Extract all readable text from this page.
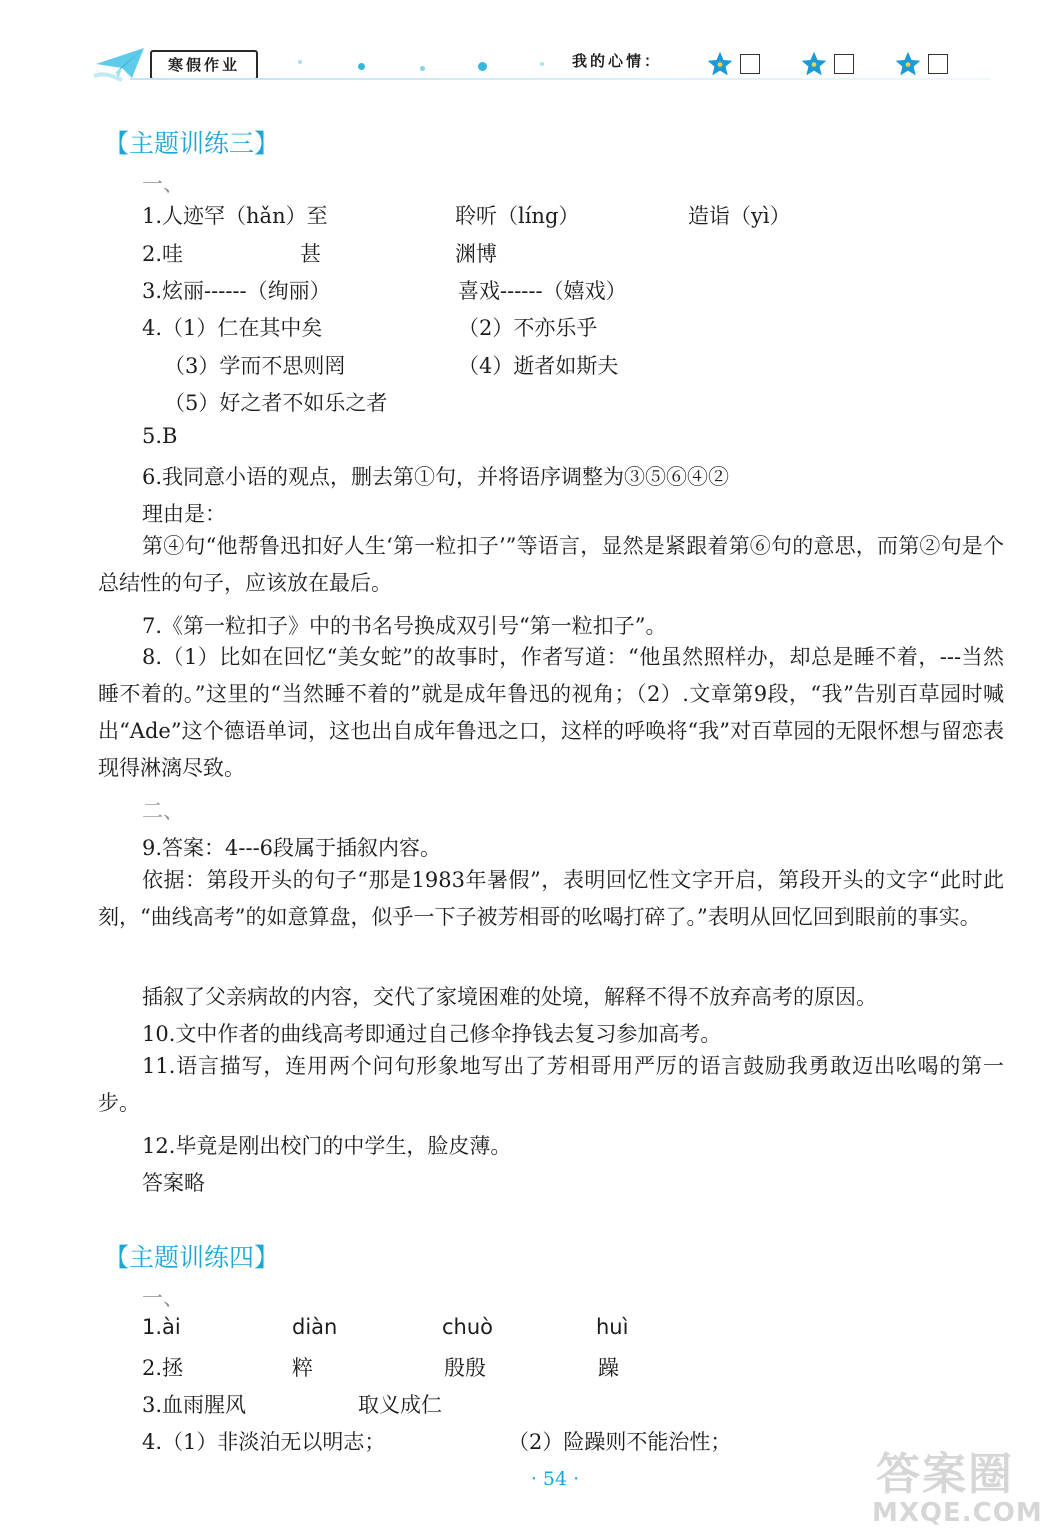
寒假作业	我的心情：
【主题训练三】
一、
1.人迹罕（hǎn）至	聆听（líng）	造诣（yì）
2.哇	甚	渊博
3.炫丽------（绚丽）	喜戏------（嬉戏）
4.（1）仁在其中矣	（2）不亦乐乎
（3）学而不思则罔	（4）逝者如斯夫
（5）好之者不如乐之者
5.B
6.我同意小语的观点，删去第①句，并将语序调整为③⑤⑥④②
理由是：
第④句“他帮鲁迅扣好人生‘第一粒扣子’”等语言，显然是紧跟着第⑥句的意思，而第②句是个总结性的句子，应该放在最后。
7.《第一粒扣子》中的书名号换成双引号“第一粒扣子”。
8.（1）比如在回忆“美女蛇”的故事时，作者写道：“他虽然照样办，却总是睡不着，---当然睡不着的。”这里的“当然睡不着的”就是成年鲁迅的视角；（2）.文章第9段，“我”告别百草园时喊出“Ade”这个德语单词，这也出自成年鲁迅之口，这样的呼唤将“我”对百草园的无限怀想与留恋表现得淋漓尽致。
二、
9.答案：4---6段属于插叙内容。
依据：第段开头的句子“那是1983年暑假”，表明回忆性文字开启，第段开头的文字“此时此刻，“曲线高考”的如意算盘，似乎一下子被芳相哥的吆喝打碎了。”表明从回忆回到眼前的事实。
插叙了父亲病故的内容，交代了家境困难的处境，解释不得不放弃高考的原因。
10.文中作者的曲线高考即通过自己修伞挣钱去复习参加高考。
11.语言描写，连用两个问句形象地写出了芳相哥用严厉的语言鼓励我勇敢迈出吆喝的第一步。
12.毕竟是刚出校门的中学生，脸皮薄。
答案略
【主题训练四】
一、
1.ài	diàn	chuò	huì
2.拯	粹	殷殷	躁
3.血雨腥风	取义成仁
4.（1）非淡泊无以明志；	（2）险躁则不能治性；
· 54 ·	答案圈
MXQE.COM
